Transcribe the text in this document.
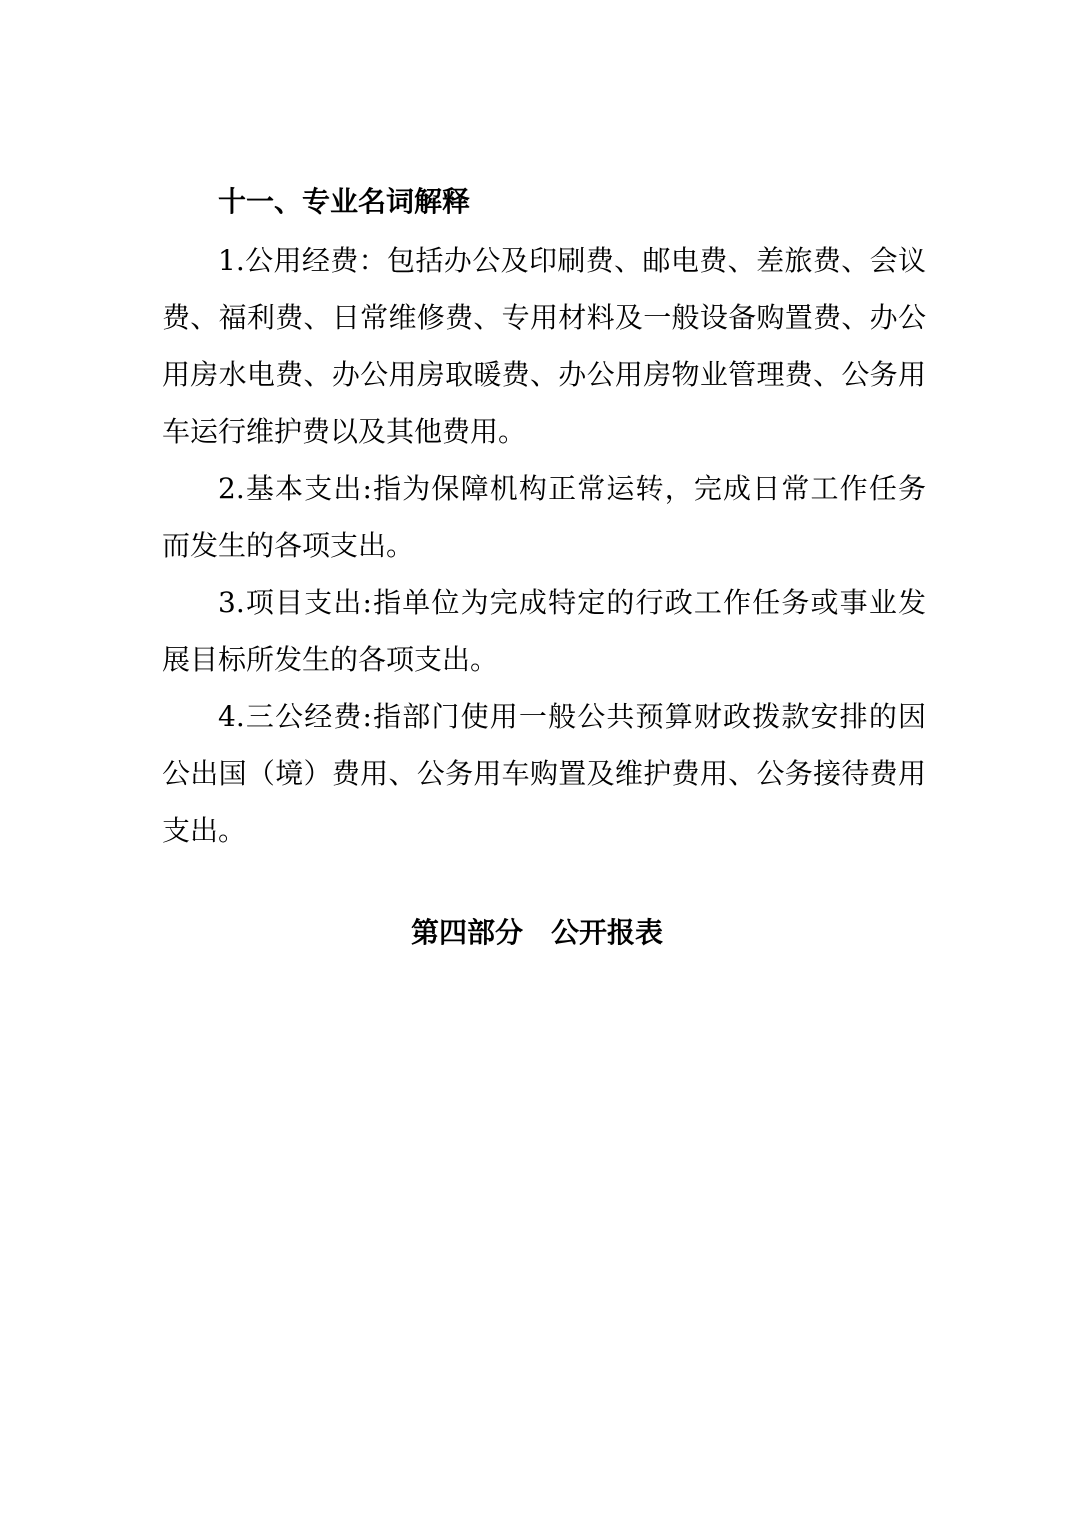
十一、专业名词解释

1.公用经费：包括办公及印刷费、邮电费、差旅费、会议费、福利费、日常维修费、专用材料及一般设备购置费、办公用房水电费、办公用房取暖费、办公用房物业管理费、公务用车运行维护费以及其他费用。

2.基本支出:指为保障机构正常运转，完成日常工作任务而发生的各项支出。

3.项目支出:指单位为完成特定的行政工作任务或事业发展目标所发生的各项支出。

4.三公经费:指部门使用一般公共预算财政拨款安排的因公出国（境）费用、公务用车购置及维护费用、公务接待费用支出。

第四部分　公开报表
